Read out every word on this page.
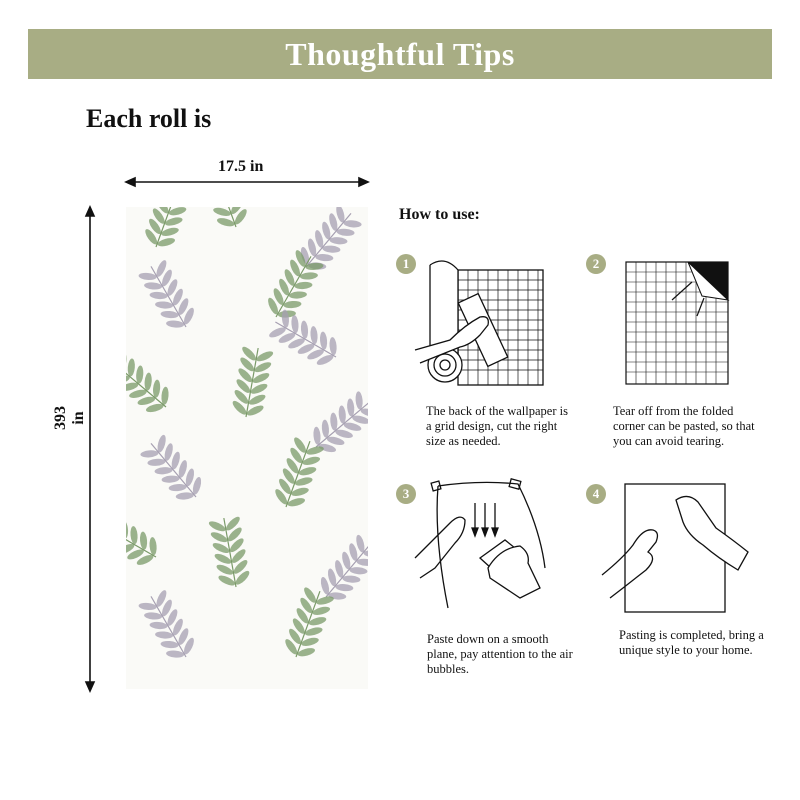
Thoughtful Tips
Each roll is
17.5 in
393 in
How to use:
1
The back of the wallpaper is a grid design, cut the right size as needed.
2
Tear off from the folded corner can be pasted, so that you can avoid tearing.
3
Paste down on a smooth plane, pay attention to the air bubbles.
4
Pasting is completed, bring a unique style to your home.
